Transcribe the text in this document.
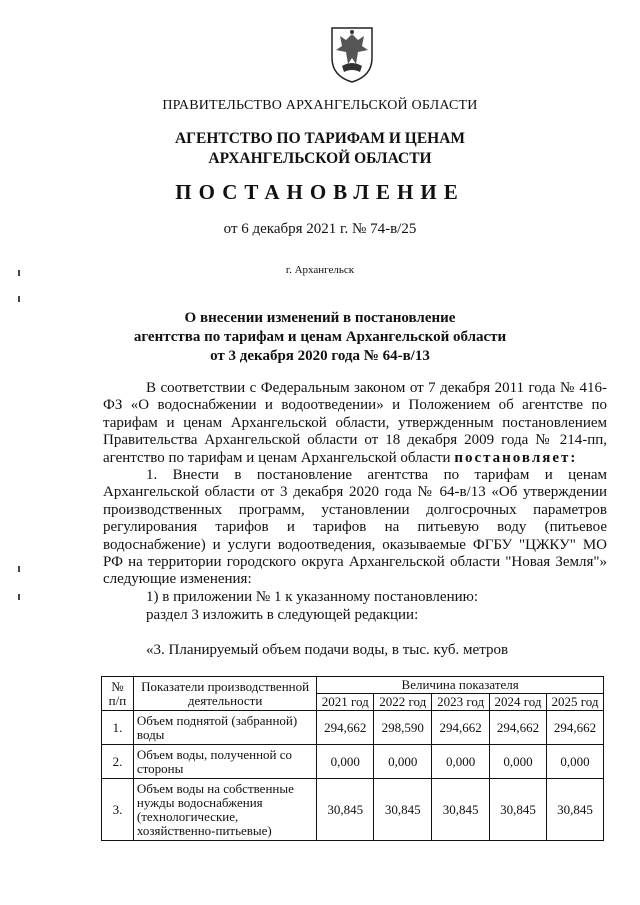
ПРАВИТЕЛЬСТВО АРХАНГЕЛЬСКОЙ ОБЛАСТИ
АГЕНТСТВО ПО ТАРИФАМ И ЦЕНАМ
АРХАНГЕЛЬСКОЙ ОБЛАСТИ
ПОСТАНОВЛЕНИЕ
от 6 декабря 2021 г. № 74-в/25
г. Архангельск
О внесении изменений в постановление
агентства по тарифам и ценам Архангельской области
от 3 декабря 2020 года № 64-в/13
В соответствии с Федеральным законом от 7 декабря 2011 года № 416-ФЗ «О водоснабжении и водоотведении» и Положением об агентстве по тарифам и ценам Архангельской области, утвержденным постановлением Правительства Архангельской области от 18 декабря 2009 года № 214-пп, агентство по тарифам и ценам Архангельской области постановляет:
1. Внести в постановление агентства по тарифам и ценам Архангельской области от 3 декабря 2020 года № 64-в/13 «Об утверждении производственных программ, установлении долгосрочных параметров регулирования тарифов и тарифов на питьевую воду (питьевое водоснабжение) и услуги водоотведения, оказываемые ФГБУ "ЦЖКУ" МО РФ на территории городского округа Архангельской области "Новая Земля"» следующие изменения:
1) в приложении № 1 к указанному постановлению:
раздел 3 изложить в следующей редакции:
«3. Планируемый объем подачи воды, в тыс. куб. метров
№ п/п	Показатели производственной деятельности	Величина показателя				
		2021 год	2022 год	2023 год	2024 год	2025 год
1.	Объем поднятой (забранной) воды	294,662	298,590	294,662	294,662	294,662
2.	Объем воды, полученной со стороны	0,000	0,000	0,000	0,000	0,000
3.	Объем воды на собственные нужды водоснабжения (технологические, хозяйственно-питьевые)	30,845	30,845	30,845	30,845	30,845
